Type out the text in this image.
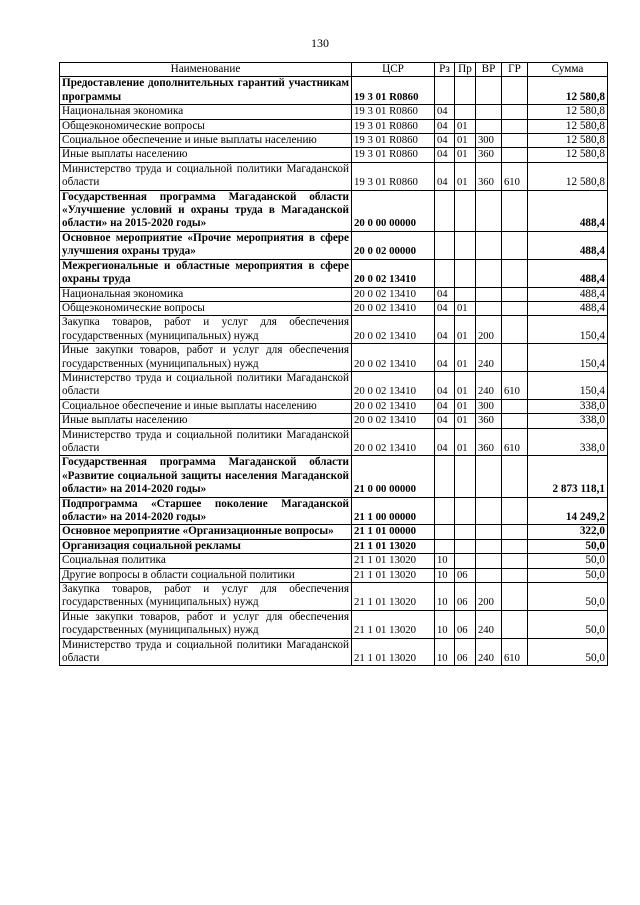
130
Наименование	ЦСР	Рз	Пр	ВР	ГР	Сумма
Предоставление дополнительных гарантий участникам программы	19 3 01 R0860					12 580,8
Национальная экономика	19 3 01 R0860	04				12 580,8
Общеэкономические вопросы	19 3 01 R0860	04	01			12 580,8
Социальное обеспечение и иные выплаты населению	19 3 01 R0860	04	01	300		12 580,8
Иные выплаты населению	19 3 01 R0860	04	01	360		12 580,8
Министерство труда и социальной политики Магаданской области	19 3 01 R0860	04	01	360	610	12 580,8
Государственная программа Магаданской области «Улучшение условий и охраны труда в Магаданской области» на 2015-2020 годы»	20 0 00 00000					488,4
Основное мероприятие «Прочие мероприятия в сфере улучшения охраны труда»	20 0 02 00000					488,4
Межрегиональные и областные мероприятия в сфере охраны труда	20 0 02 13410					488,4
Национальная экономика	20 0 02 13410	04				488,4
Общеэкономические вопросы	20 0 02 13410	04	01			488,4
Закупка товаров, работ и услуг для обеспечения государственных (муниципальных) нужд	20 0 02 13410	04	01	200		150,4
Иные закупки товаров, работ и услуг для обеспечения государственных (муниципальных) нужд	20 0 02 13410	04	01	240		150,4
Министерство труда и социальной политики Магаданской области	20 0 02 13410	04	01	240	610	150,4
Социальное обеспечение и иные выплаты населению	20 0 02 13410	04	01	300		338,0
Иные выплаты населению	20 0 02 13410	04	01	360		338,0
Министерство труда и социальной политики Магаданской области	20 0 02 13410	04	01	360	610	338,0
Государственная программа Магаданской области «Развитие социальной защиты населения Магаданской области» на 2014-2020 годы»	21 0 00 00000					2 873 118,1
Подпрограмма «Старшее поколение Магаданской области» на 2014-2020 годы»	21 1 00 00000					14 249,2
Основное мероприятие «Организационные вопросы»	21 1 01 00000					322,0
Организация социальной рекламы	21 1 01 13020					50,0
Социальная политика	21 1 01 13020	10				50,0
Другие вопросы в области социальной политики	21 1 01 13020	10	06			50,0
Закупка товаров, работ и услуг для обеспечения государственных (муниципальных) нужд	21 1 01 13020	10	06	200		50,0
Иные закупки товаров, работ и услуг для обеспечения государственных (муниципальных) нужд	21 1 01 13020	10	06	240		50,0
Министерство труда и социальной политики Магаданской области	21 1 01 13020	10	06	240	610	50,0
